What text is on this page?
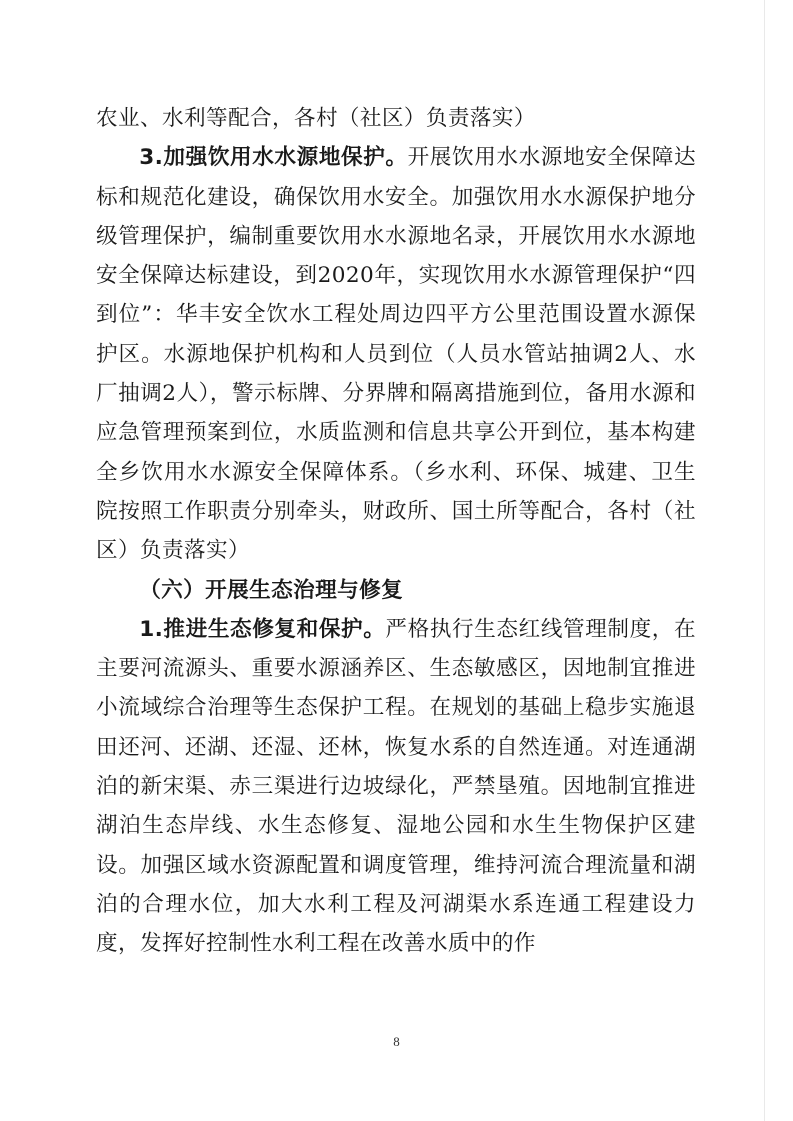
农业、水利等配合，各村（社区）负责落实）

3.加强饮用水水源地保护。开展饮用水水源地安全保障达标和规范化建设，确保饮用水安全。加强饮用水水源保护地分级管理保护，编制重要饮用水水源地名录，开展饮用水水源地安全保障达标建设，到2020年，实现饮用水水源管理保护“四到位”：华丰安全饮水工程处周边四平方公里范围设置水源保护区。水源地保护机构和人员到位（人员水管站抽调2人、水厂抽调2人），警示标牌、分界牌和隔离措施到位，备用水源和应急管理预案到位，水质监测和信息共享公开到位，基本构建全乡饮用水水源安全保障体系。（乡水利、环保、城建、卫生院按照工作职责分别牵头，财政所、国土所等配合，各村（社区）负责落实）

（六）开展生态治理与修复

1.推进生态修复和保护。严格执行生态红线管理制度，在主要河流源头、重要水源涵养区、生态敏感区，因地制宜推进小流域综合治理等生态保护工程。在规划的基础上稳步实施退田还河、还湖、还湿、还林，恢复水系的自然连通。对连通湖泊的新宋渠、赤三渠进行边坡绿化，严禁垦殖。因地制宜推进湖泊生态岸线、水生态修复、湿地公园和水生生物保护区建设。加强区域水资源配置和调度管理，维持河流合理流量和湖泊的合理水位，加大水利工程及河湖渠水系连通工程建设力度，发挥好控制性水利工程在改善水质中的作

8
